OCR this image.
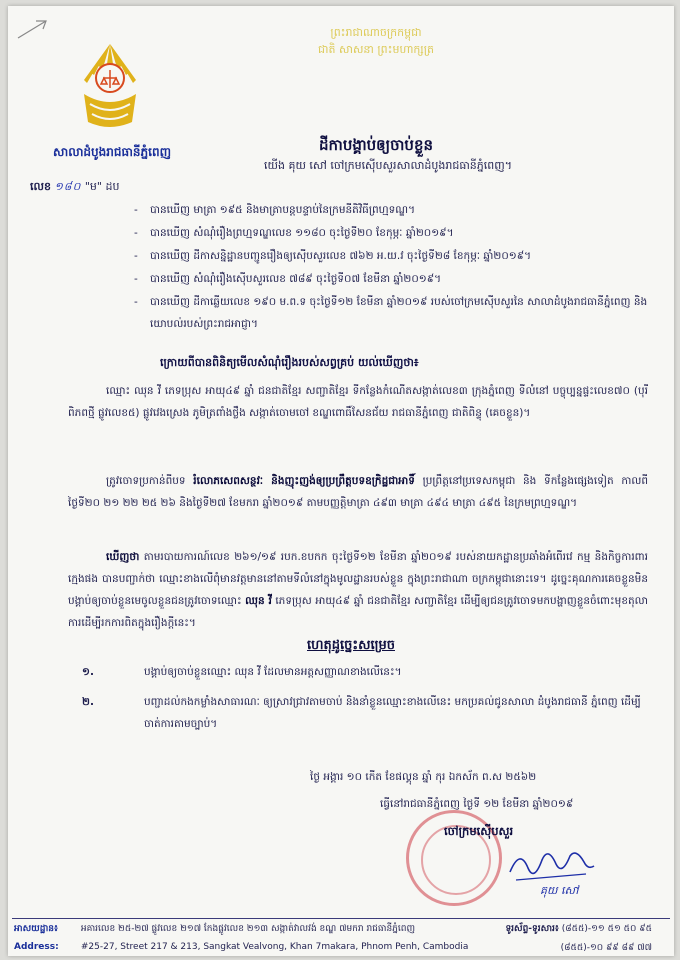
ព្រះរាជាណាចក្រកម្ពុជា
ជាតិ សាសនា ព្រះមហាក្សត្រ
សាលាដំបូងរាជធានីភ្នំពេញ	ដីកាបង្គាប់ឲ្យចាប់ខ្លួន
យើង គុយ សៅ ចៅក្រមស៊ើបសួរសាលាដំបូងរាជធានីភ្នំពេញ។
លេខ ១៨០ "ម" ដប
- បានឃើញ មាត្រា ១៩៥ និងមាត្រាបន្តបន្ទាប់នៃក្រមនីតិវិធីព្រហ្មទណ្ឌ។
- បានឃើញ សំណុំរឿងព្រហ្មទណ្ឌលេខ ១១៨០ ចុះថ្ងៃទី២០ ខែកុម្ភៈ ឆ្នាំ២០១៩។
- បានឃើញ ដីកាសន្និដ្ឋានបញ្ជូនរឿងឲ្យស៊ើបសួរលេខ ៧៦២ អ.យ.វ ចុះថ្ងៃទី២៨ ខែកុម្ភៈ ឆ្នាំ២០១៩។
- បានឃើញ សំណុំរឿងស៊ើបសួរលេខ ៧៨៩ ចុះថ្ងៃទី០៧ ខែមីនា ឆ្នាំ២០១៩។
- បានឃើញ ដីកាឆ្លើយលេខ ១៩០ ម.ព.ទ ចុះថ្ងៃទី១២ ខែមីនា ឆ្នាំ២០១៩ របស់ចៅក្រមស៊ើបសួរនៃ សាលាដំបូងរាជធានីភ្នំពេញ និងយោបល់របស់ព្រះរាជអាជ្ញា។
ក្រោយពីបានពិនិត្យមើលសំណុំរឿងរបស់សព្វគ្រប់ យល់ឃើញថា៖
ឈ្មោះ ឈុន វី ភេទប្រុស អាយុ៤៩ ឆ្នាំ ជនជាតិខ្មែរ សញ្ជាតិខ្មែរ ទីកន្លែងកំណើតសង្កាត់លេខ៣ ក្រុងភ្នំពេញ ទីលំនៅ បច្ចុប្បន្នផ្ទះលេខ៧០ (បុរីពិភពថ្មី ផ្លូវលេខ៥) ផ្លូវវេងស្រេង ភូមិត្រពាំងថ្លឹង សង្កាត់ចោមចៅ ខណ្ឌពោធិ៍សែនជ័យ រាជធានីភ្នំពេញ ជាតិពិន្ទុ (គេចខ្លួន)។
ត្រូវចោទប្រកាន់ពីបទ រំលោភសេពសន្ថវៈ និងញុះញង់ឲ្យប្រព្រឹត្តបទឧក្រិដ្ឋជាអាទិ៍ ប្រព្រឹត្តនៅប្រទេសកម្ពុជា និង ទីកន្លែងផ្សេងទៀត កាលពីថ្ងៃទី២០ ២១ ២២ ២៥ ២៦ និងថ្ងៃទី២៧ ខែមករា ឆ្នាំ២០១៩ តាមបញ្ញត្តិមាត្រា ៤៩៣ មាត្រា ៤៩៤ មាត្រា ៤៩៥ នៃក្រមព្រហ្មទណ្ឌ។
ឃើញថា តាមរបាយការណ៍លេខ ២៦១/១៩ របក.ខបកក ចុះថ្ងៃទី១២ ខែមីនា ឆ្នាំ២០១៩ របស់នាយកដ្ឋានប្រឆាំងអំពើរវេ កម្ម និងកិច្ចការពារក្មេងផង បានបញ្ជាក់ថា ឈ្មោះខាងលើពុំមានវត្តមាននៅតាមទីលំនៅក្នុងមូលដ្ឋានរបស់ខ្លួន ក្នុងព្រះរាជាណា ចក្រកម្ពុជានោះទេ។ ដូច្នេះគុណការគេចខ្លួនមិនបង្គាប់ឲ្យចាប់ខ្លួនមេចូលខ្លួនជនត្រូវចោទឈ្មោះ ឈុន វី ភេទប្រុស អាយុ៤៩ ឆ្នាំ ជនជាតិខ្មែរ សញ្ជាតិខ្មែរ ដើម្បីឲ្យជនត្រូវចោទមកបង្ហាញខ្លួនចំពោះមុខតុលាការដើម្បីរកការពិតក្នុងរឿងក្ដីនេះ។
ហេតុដូច្នេះសម្រេច
១.	បង្គាប់ឲ្យចាប់ខ្លួនឈ្មោះ ឈុន វី ដែលមានអត្តសញ្ញាណខាងលើនេះ។
២.	បញ្ជាដល់កងកម្លាំងសាធារណៈ ឲ្យស្រាវជ្រាវតាមចាប់ និងនាំខ្លួនឈ្មោះខាងលើនេះ មកប្រគល់ជូនសាលា ដំបូងរាជធានី ភ្នំពេញ ដើម្បីចាត់ការតាមច្បាប់។
ថ្ងៃ អង្គារ ១០ កើត ខែផល្គុន ឆ្នាំ កុរ ឯកស័ក ព.ស ២៥៦២
ធ្វើនៅរាជធានីភ្នំពេញ ថ្ងៃទី ១២ ខែមីនា ឆ្នាំ២០១៩
ចៅក្រមស៊ើបសួរ
គុយ សៅ
អាសយដ្ឋាន៖	អគារលេខ ២៥-២៧ ផ្លូវលេខ ២១៧ កែងផ្លូវលេខ ២១៣ សង្កាត់វាលវង់ ខណ្ឌ ៧មករា រាជធានីភ្នំពេញ	ទូរស័ព្ទ-ទូរសារ៖ (៨៥៥)-១១ ៥១ ៥០ ៩៥
Address: #25-27, Street 217 & 213, Sangkat Vealvong, Khan 7makara, Phnom Penh, Cambodia	(៨៥៥)-១០ ៩៩ ៨៩ ៧៧
